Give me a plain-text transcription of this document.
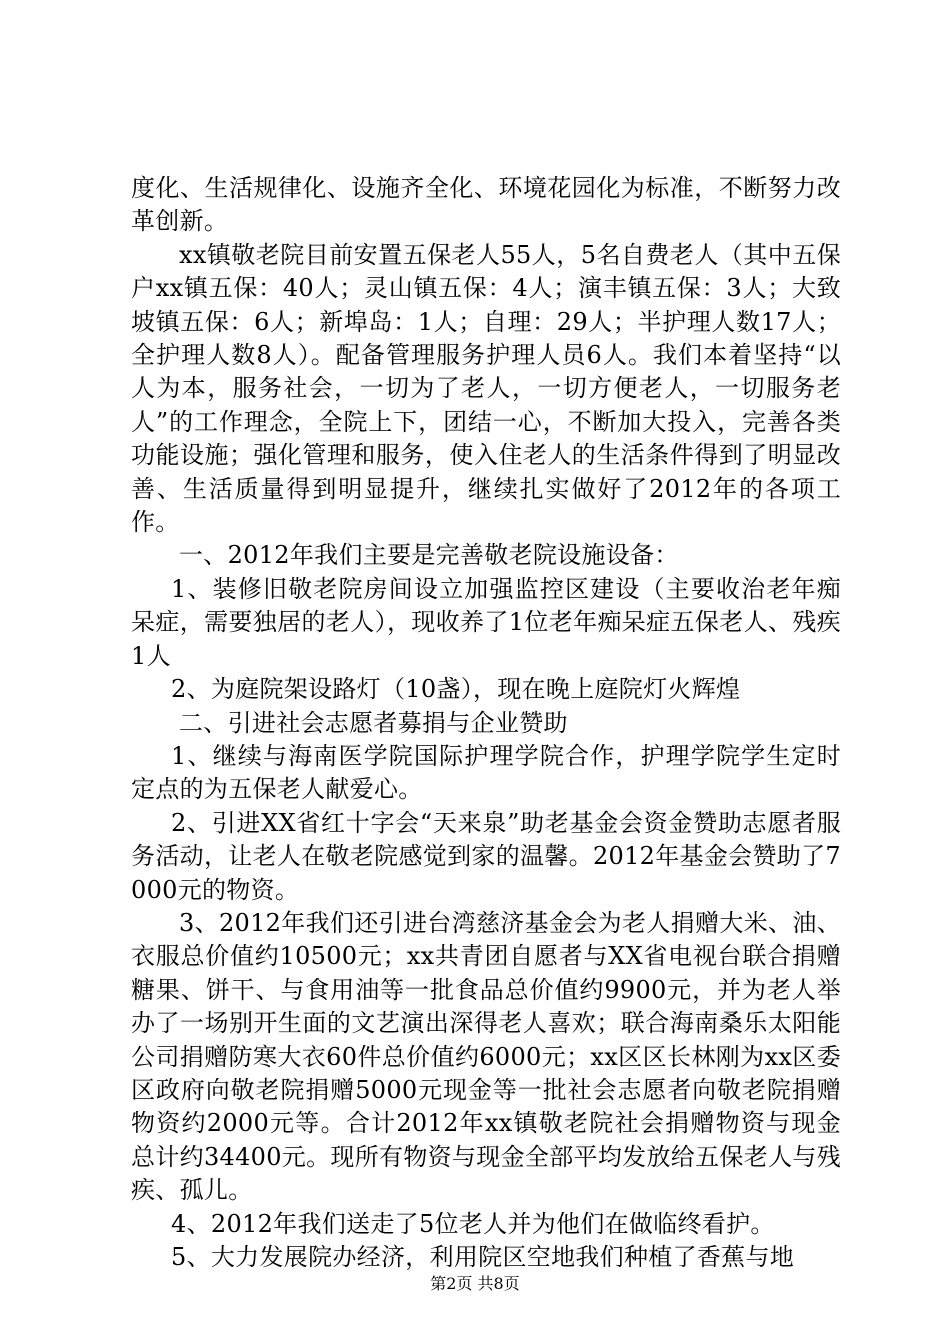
度化、生活规律化、设施齐全化、环境花园化为标准，不断努力改革创新。

xx镇敬老院目前安置五保老人55人，5名自费老人（其中五保户xx镇五保：40人；灵山镇五保：4人；演丰镇五保：3人；大致坡镇五保：6人；新埠岛：1人；自理：29人；半护理人数17人；全护理人数8人）。配备管理服务护理人员6人。我们本着坚持“以人为本，服务社会，一切为了老人，一切方便老人，一切服务老人”的工作理念，全院上下，团结一心，不断加大投入，完善各类功能设施；强化管理和服务，使入住老人的生活条件得到了明显改善、生活质量得到明显提升，继续扎实做好了2012年的各项工作。

一、2012年我们主要是完善敬老院设施设备：

1、装修旧敬老院房间设立加强监控区建设（主要收治老年痴呆症，需要独居的老人），现收养了1位老年痴呆症五保老人、残疾1人

2、为庭院架设路灯（10盏），现在晚上庭院灯火辉煌

二、引进社会志愿者募捐与企业赞助

1、继续与海南医学院国际护理学院合作，护理学院学生定时定点的为五保老人献爱心。

2、引进XX省红十字会“天来泉”助老基金会资金赞助志愿者服务活动，让老人在敬老院感觉到家的温馨。2012年基金会赞助了7000元的物资。

3、2012年我们还引进台湾慈济基金会为老人捐赠大米、油、衣服总价值约10500元；xx共青团自愿者与XX省电视台联合捐赠糖果、饼干、与食用油等一批食品总价值约9900元，并为老人举办了一场别开生面的文艺演出深得老人喜欢；联合海南桑乐太阳能公司捐赠防寒大衣60件总价值约6000元；xx区区长林刚为xx区委区政府向敬老院捐赠5000元现金等一批社会志愿者向敬老院捐赠物资约2000元等。合计2012年xx镇敬老院社会捐赠物资与现金总计约34400元。现所有物资与现金全部平均发放给五保老人与残疾、孤儿。

4、2012年我们送走了5位老人并为他们在做临终看护。

5、大力发展院办经济，利用院区空地我们种植了香蕉与地

第2页 共8页
